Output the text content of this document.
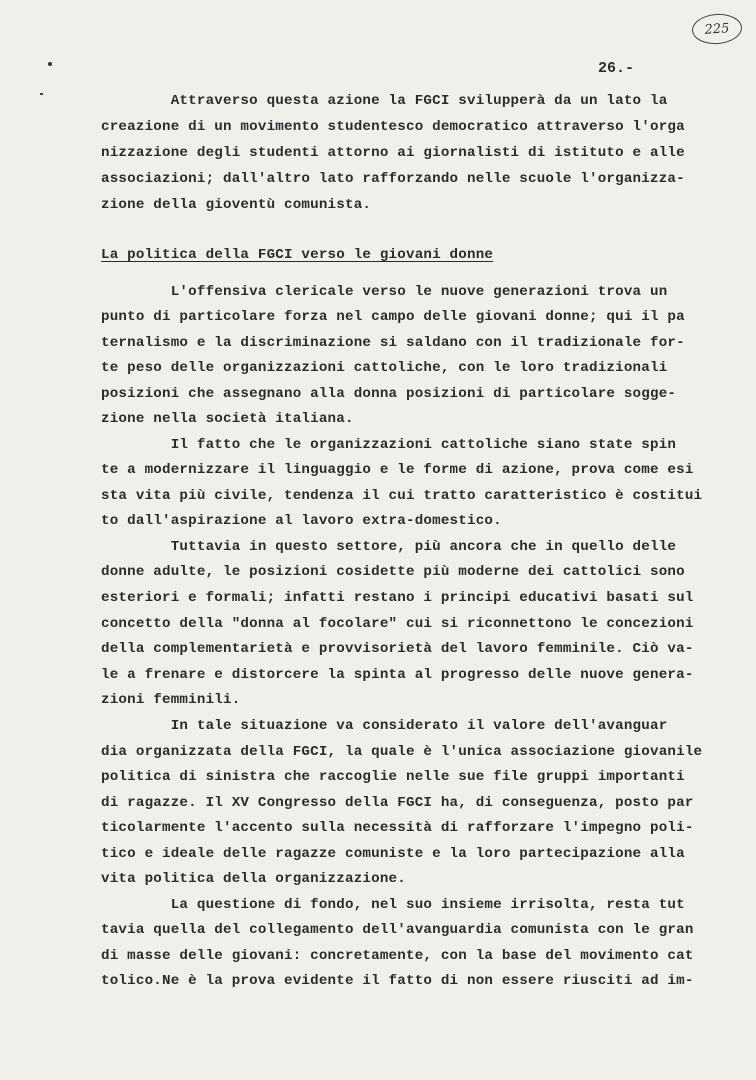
225
26.-
Attraverso questa azione la FGCI svilupperà da un lato la
creazione di un movimento studentesco democratico attraverso l'orga
nizzazione degli studenti attorno ai giornalisti di istituto e alle
associazioni; dall'altro lato rafforzando nelle scuole l'organizza-
zione della gioventù comunista.
La politica della FGCI verso le giovani donne
L'offensiva clericale verso le nuove generazioni trova un
punto di particolare forza nel campo delle giovani donne; qui il pa
ternalismo e la discriminazione si saldano con il tradizionale for-
te peso delle organizzazioni cattoliche, con le loro tradizionali
posizioni che assegnano alla donna posizioni di particolare sogge-
zione nella società italiana.
Il fatto che le organizzazioni cattoliche siano state spin
te a modernizzare il linguaggio e le forme di azione, prova come esi
sta vita più civile, tendenza il cui tratto caratteristico è costitui
to dall'aspirazione al lavoro extra-domestico.
Tuttavia in questo settore, più ancora che in quello delle
donne adulte, le posizioni cosidette più moderne dei cattolici sono
esteriori e formali; infatti restano i principi educativi basati sul
concetto della "donna al focolare" cui si riconnettono le concezioni
della complementarietà e provvisorietà del lavoro femminile. Ciò va-
le a frenare e distorcere la spinta al progresso delle nuove genera-
zioni femminili.
In tale situazione va considerato il valore dell'avanguar
dia organizzata della FGCI, la quale è l'unica associazione giovanile
politica di sinistra che raccoglie nelle sue file gruppi importanti
di ragazze. Il XV Congresso della FGCI ha, di conseguenza, posto par
ticolarmente l'accento sulla necessità di rafforzare l'impegno poli-
tico e ideale delle ragazze comuniste e la loro partecipazione alla
vita politica della organizzazione.
La questione di fondo, nel suo insieme irrisolta, resta tut
tavia quella del collegamento dell'avanguardia comunista con le gran
di masse delle giovani: concretamente, con la base del movimento cat
tolico.Ne è la prova evidente il fatto di non essere riusciti ad im-
